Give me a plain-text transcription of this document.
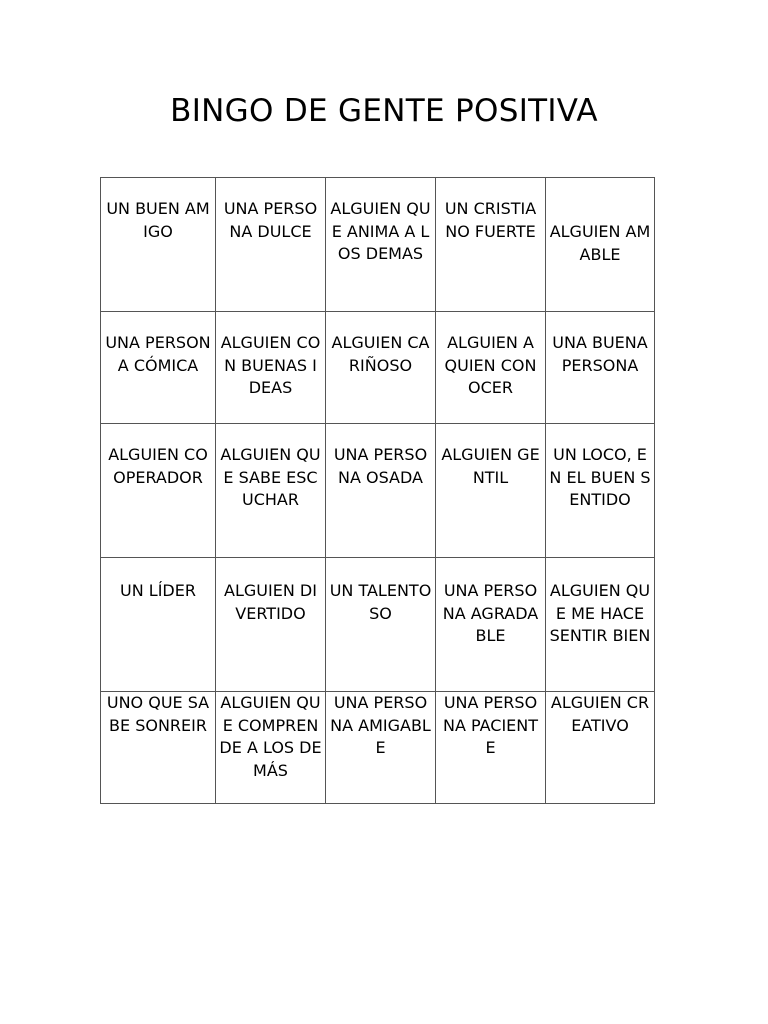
BINGO DE GENTE POSITIVA
UN BUEN AMIGO	UNA PERSONA DULCE	ALGUIEN QUE ANIMA A LOS DEMAS	UN CRISTIANO FUERTE	ALGUIEN AMABLE
UNA PERSONA CÓMICA	ALGUIEN CON BUENAS IDEAS	ALGUIEN CARIÑOSO	ALGUIEN A QUIEN CONOCER	UNA BUENA PERSONA
ALGUIEN COOPERADOR	ALGUIEN QUE SABE ESCUCHAR	UNA PERSONA OSADA	ALGUIEN GENTIL	UN LOCO, EN EL BUEN SENTIDO
UN LÍDER	ALGUIEN DIVERTIDO	UN TALENTOSO	UNA PERSONA AGRADABLE	ALGUIEN QUE ME HACE SENTIR BIEN
UNO QUE SABE SONREIR	ALGUIEN QUE COMPRENDE A LOS DEMÁS	UNA PERSONA AMIGABLE	UNA PERSONA PACIENTE	ALGUIEN CREATIVO
